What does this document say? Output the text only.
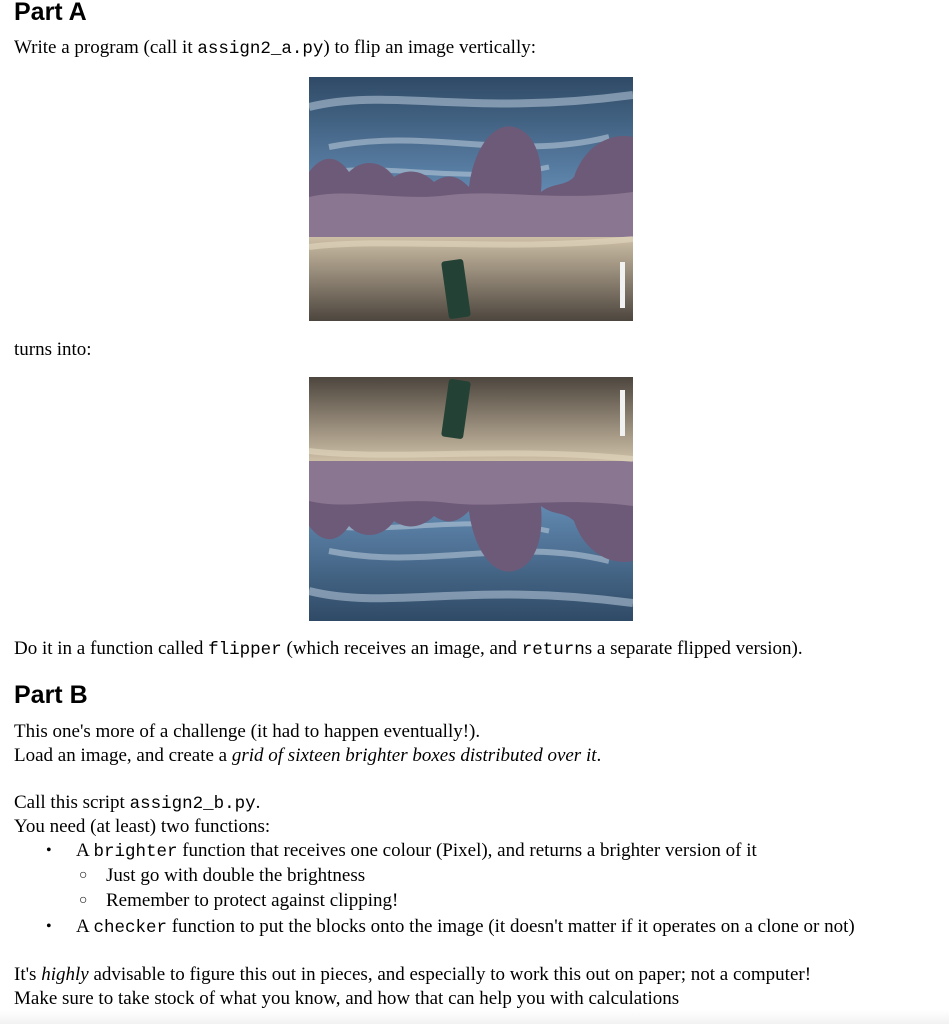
Part A
Write a program (call it assign2_a.py) to flip an image vertically:
turns into:
Do it in a function called flipper (which receives an image, and returns a separate flipped version).
Part B
This one's more of a challenge (it had to happen eventually!).
Load an image, and create a grid of sixteen brighter boxes distributed over it.
Call this script assign2_b.py.
You need (at least) two functions:
• A brighter function that receives one colour (Pixel), and returns a brighter version of it
○ Just go with double the brightness
○ Remember to protect against clipping!
• A checker function to put the blocks onto the image (it doesn't matter if it operates on a clone or not)
It's highly advisable to figure this out in pieces, and especially to work this out on paper; not a computer!
Make sure to take stock of what you know, and how that can help you with calculations
